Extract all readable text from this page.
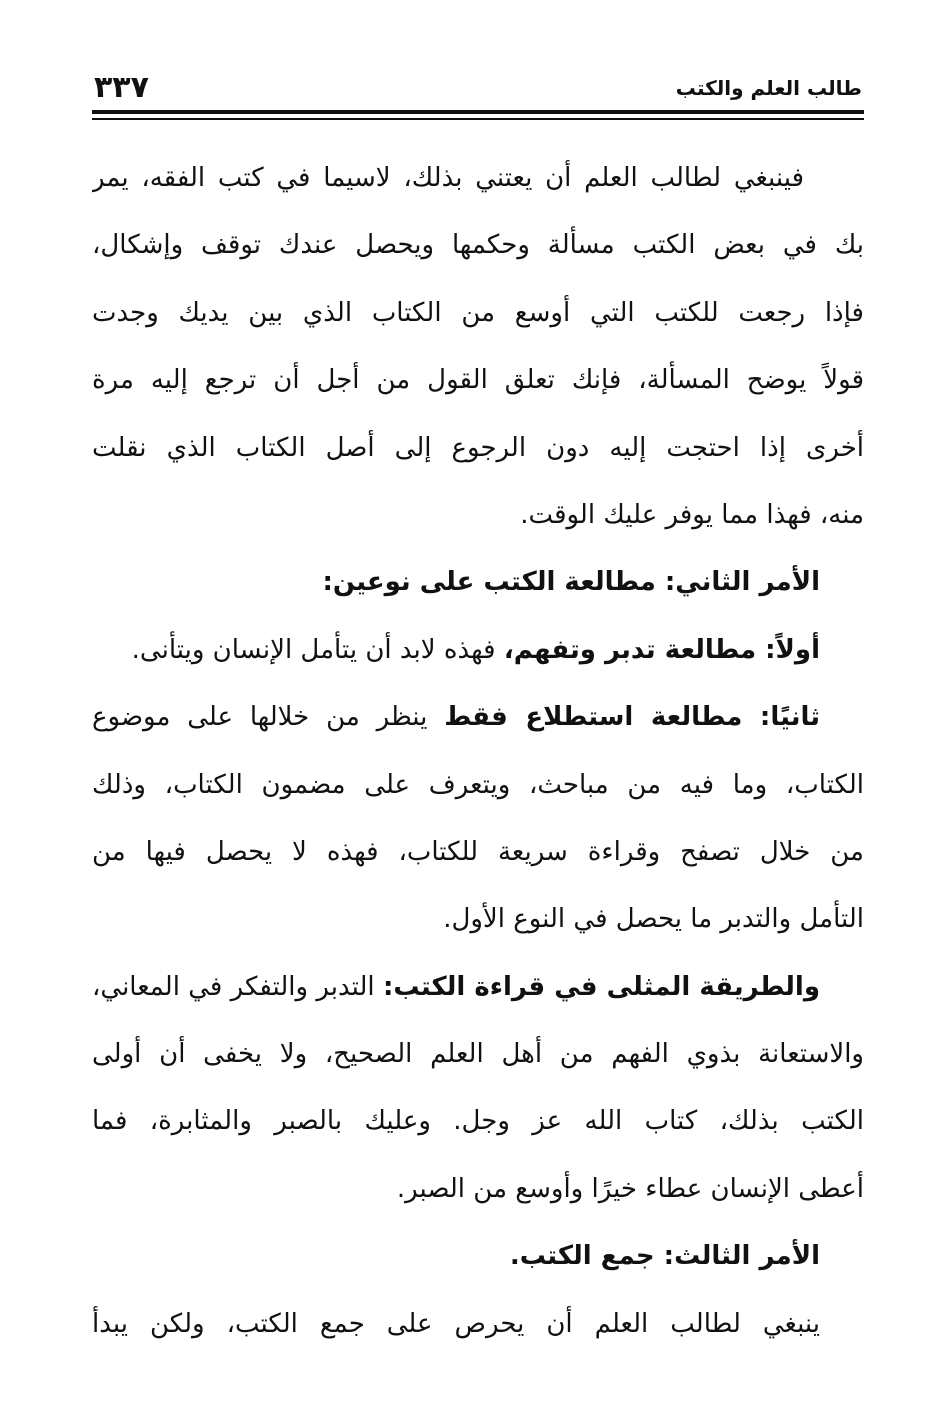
٣٣٧	طالب العلم والكتب
فينبغي لطالب العلم أن يعتني بذلك، لاسيما في كتب الفقه، يمر
بك في بعض الكتب مسألة وحكمها ويحصل عندك توقف وإشكال،
فإذا رجعت للكتب التي أوسع من الكتاب الذي بين يديك وجدت
قولاً يوضح المسألة، فإنك تعلق القول من أجل أن ترجع إليه مرة
أخرى إذا احتجت إليه دون الرجوع إلى أصل الكتاب الذي نقلت
منه، فهذا مما يوفر عليك الوقت.
الأمر الثاني: مطالعة الكتب على نوعين:
أولاً: مطالعة تدبر وتفهم، فهذه لابد أن يتأمل الإنسان ويتأنى.
ثانيًا: مطالعة استطلاع فقط ينظر من خلالها على موضوع
الكتاب، وما فيه من مباحث، ويتعرف على مضمون الكتاب، وذلك
من خلال تصفح وقراءة سريعة للكتاب، فهذه لا يحصل فيها من
التأمل والتدبر ما يحصل في النوع الأول.
والطريقة المثلى في قراءة الكتب: التدبر والتفكر في المعاني،
والاستعانة بذوي الفهم من أهل العلم الصحيح، ولا يخفى أن أولى
الكتب بذلك، كتاب الله عز وجل. وعليك بالصبر والمثابرة، فما
أعطى الإنسان عطاء خيرًا وأوسع من الصبر.
الأمر الثالث: جمع الكتب.
ينبغي لطالب العلم أن يحرص على جمع الكتب، ولكن يبدأ
